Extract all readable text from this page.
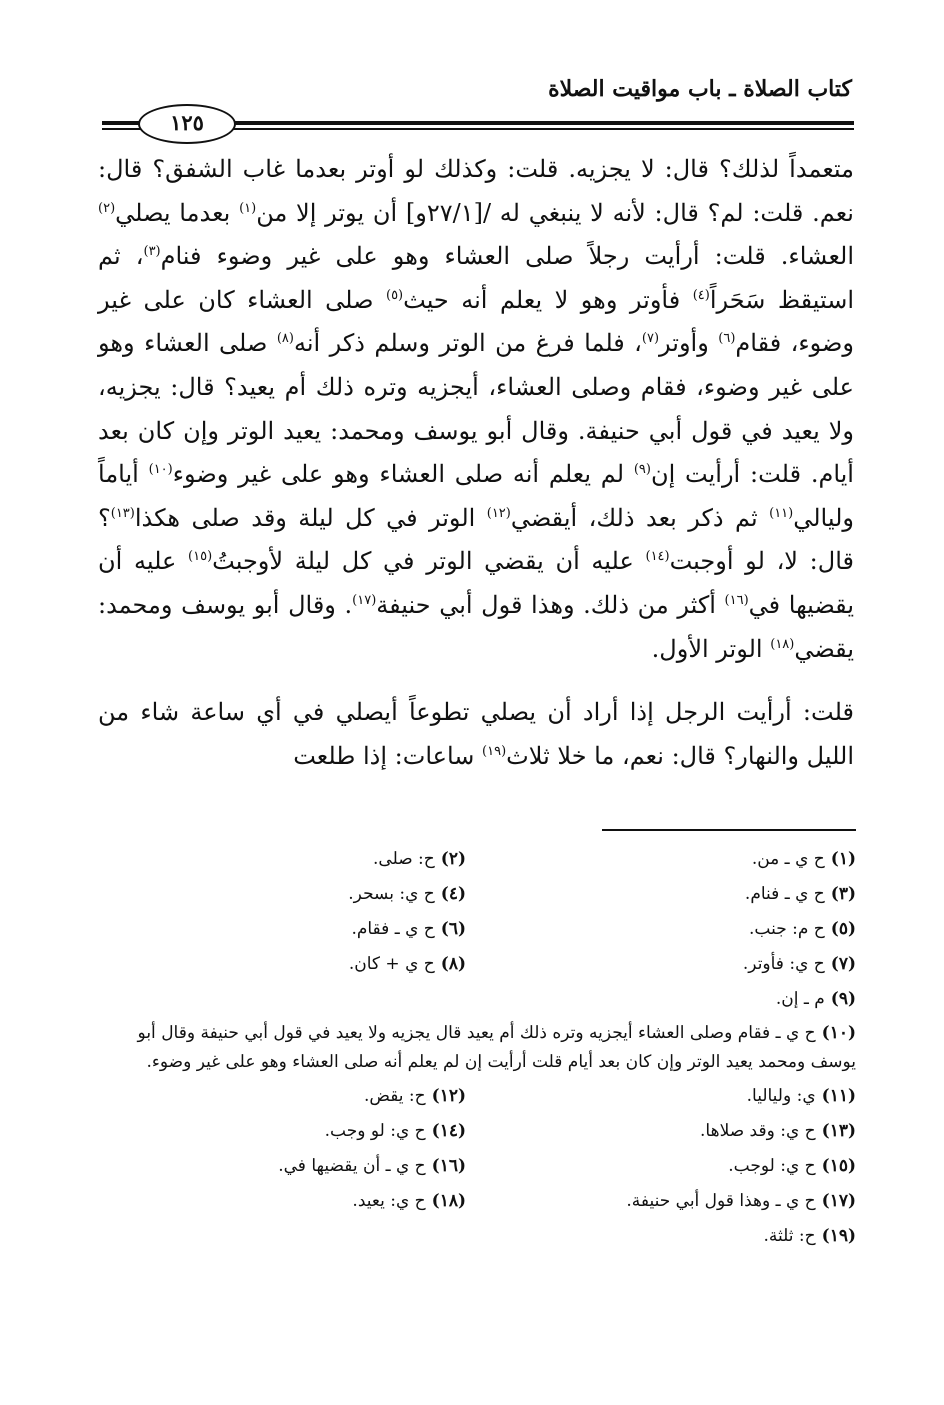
كتاب الصلاة ـ باب مواقيت الصلاة
١٢٥

متعمداً لذلك؟ قال: لا يجزيه. قلت: وكذلك لو أوتر بعدما غاب الشفق؟ قال: نعم. قلت: لم؟ قال: لأنه لا ينبغي له /[٢٧/١و] أن يوتر إلا من$^{(١)}$ بعدما يصلي$^{(٢)}$ العشاء. قلت: أرأيت رجلاً صلى العشاء وهو على غير وضوء فنام$^{(٣)}$، ثم استيقظ سَحَراً$^{(٤)}$ فأوتر وهو لا يعلم أنه حيث$^{(٥)}$ صلى العشاء كان على غير وضوء، فقام$^{(٦)}$ وأوتر$^{(٧)}$، فلما فرغ من الوتر وسلم ذكر أنه$^{(٨)}$ صلى العشاء وهو على غير وضوء، فقام وصلى العشاء، أيجزيه وتره ذلك أم يعيد؟ قال: يجزيه، ولا يعيد في قول أبي حنيفة. وقال أبو يوسف ومحمد: يعيد الوتر وإن كان بعد أيام. قلت: أرأيت إن$^{(٩)}$ لم يعلم أنه صلى العشاء وهو على غير وضوء$^{(١٠)}$ أياماً وليالي$^{(١١)}$ ثم ذكر بعد ذلك، أيقضي$^{(١٢)}$ الوتر في كل ليلة وقد صلى هكذا$^{(١٣)}$؟ قال: لا، لو أوجبت$^{(١٤)}$ عليه أن يقضي الوتر في كل ليلة لأوجبتُ$^{(١٥)}$ عليه أن يقضيها في$^{(١٦)}$ أكثر من ذلك. وهذا قول أبي حنيفة$^{(١٧)}$. وقال أبو يوسف ومحمد: يقضي$^{(١٨)}$ الوتر الأول.

قلت: أرأيت الرجل إذا أراد أن يصلي تطوعاً أيصلي في أي ساعة شاء من الليل والنهار؟ قال: نعم، ما خلا ثلاث$^{(١٩)}$ ساعات: إذا طلعت

(١)ح ي ـ من.
(٢)ح: صلى.
(٣)ح ي ـ فنام.
(٤)ح ي: بسحر.
(٥)ح م: جنب.
(٦)ح ي ـ فقام.
(٧)ح ي: فأوتر.
(٨)ح ي + كان.
(٩)م ـ إن.
(١٠)ح ي ـ فقام وصلى العشاء أيجزيه وتره ذلك أم يعيد قال يجزيه ولا يعيد في قول أبي حنيفة وقال أبو يوسف ومحمد يعيد الوتر وإن كان بعد أيام قلت أرأيت إن لم يعلم أنه صلى العشاء وهو على غير وضوء.
(١١)ي: ولياليا.
(١٢)ح: يقض.
(١٣)ح ي: وقد صلاها.
(١٤)ح ي: لو وجب.
(١٥)ح ي: لوجب.
(١٦)ح ي ـ أن يقضيها في.
(١٧)ح ي ـ وهذا قول أبي حنيفة.
(١٨)ح ي: يعيد.
(١٩)ح: ثلثة.
